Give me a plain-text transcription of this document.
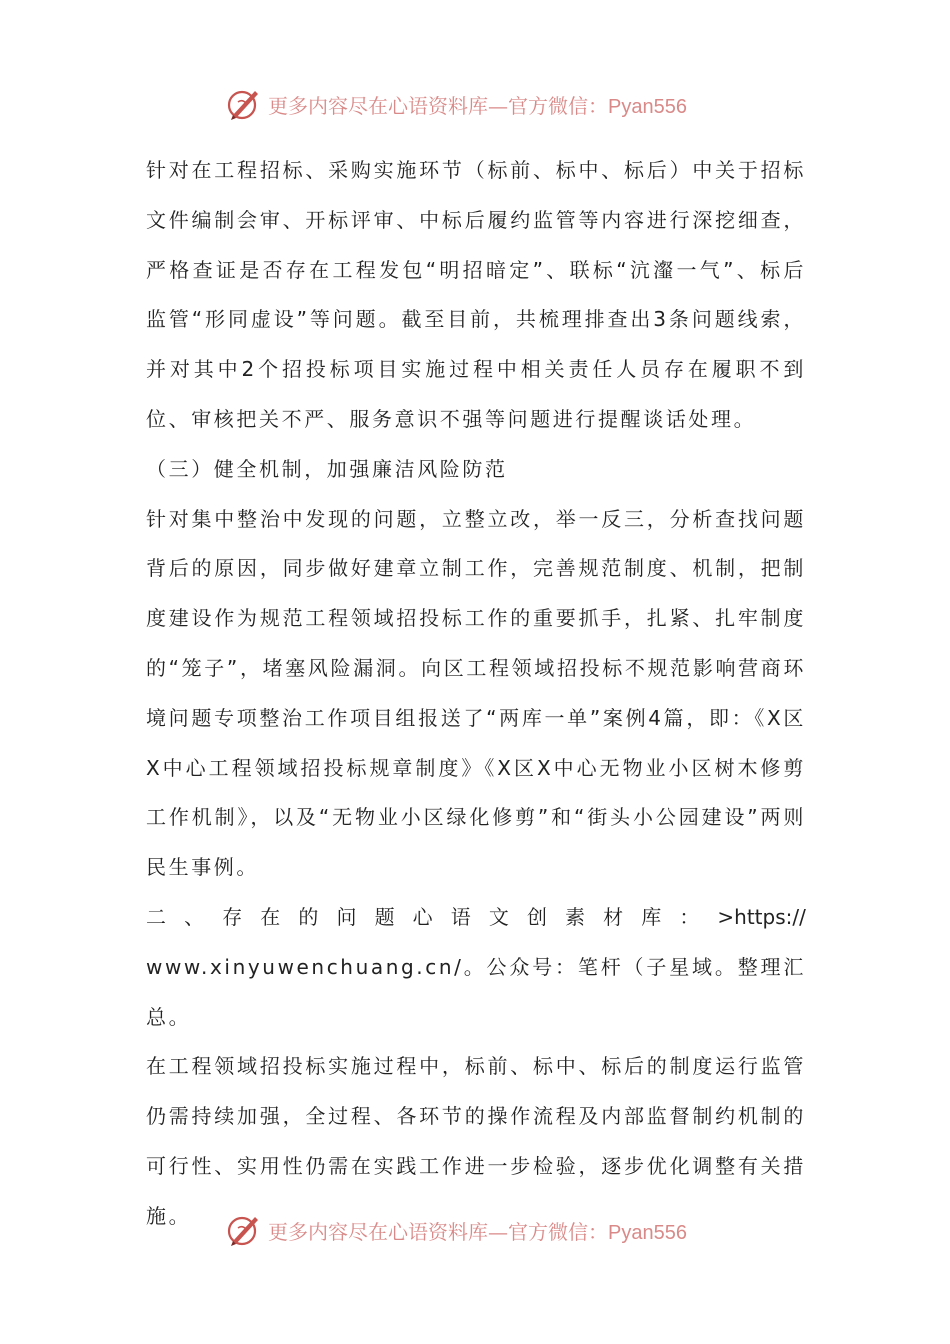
更多内容尽在心语资料库—官方微信：Pyan556

针对在工程招标、采购实施环节（标前、标中、标后）中关于招标文件编制会审、开标评审、中标后履约监管等内容进行深挖细查，严格查证是否存在工程发包“明招暗定”、联标“沆瀣一气”、标后监管“形同虚设”等问题。截至目前，共梳理排查出3条问题线索，并对其中2个招投标项目实施过程中相关责任人员存在履职不到位、审核把关不严、服务意识不强等问题进行提醒谈话处理。

（三）健全机制，加强廉洁风险防范

针对集中整治中发现的问题，立整立改，举一反三，分析查找问题背后的原因，同步做好建章立制工作，完善规范制度、机制，把制度建设作为规范工程领域招投标工作的重要抓手，扎紧、扎牢制度的“笼子”，堵塞风险漏洞。向区工程领域招投标不规范影响营商环境问题专项整治工作项目组报送了“两库一单”案例4篇，即：《X区X中心工程领域招投标规章制度》《X区X中心无物业小区树木修剪工作机制》，以及“无物业小区绿化修剪”和“街头小公园建设”两则民生事例。

二 、 存 在 的 问 题 心 语 文 创 素 材 库 ： >https://

www.xinyuwenchuang.cn/。公众号：笔杆（子星域。整理汇总。

在工程领域招投标实施过程中，标前、标中、标后的制度运行监管仍需持续加强，全过程、各环节的操作流程及内部监督制约机制的可行性、实用性仍需在实践工作进一步检验，逐步优化调整有关措施。

更多内容尽在心语资料库—官方微信：Pyan556
